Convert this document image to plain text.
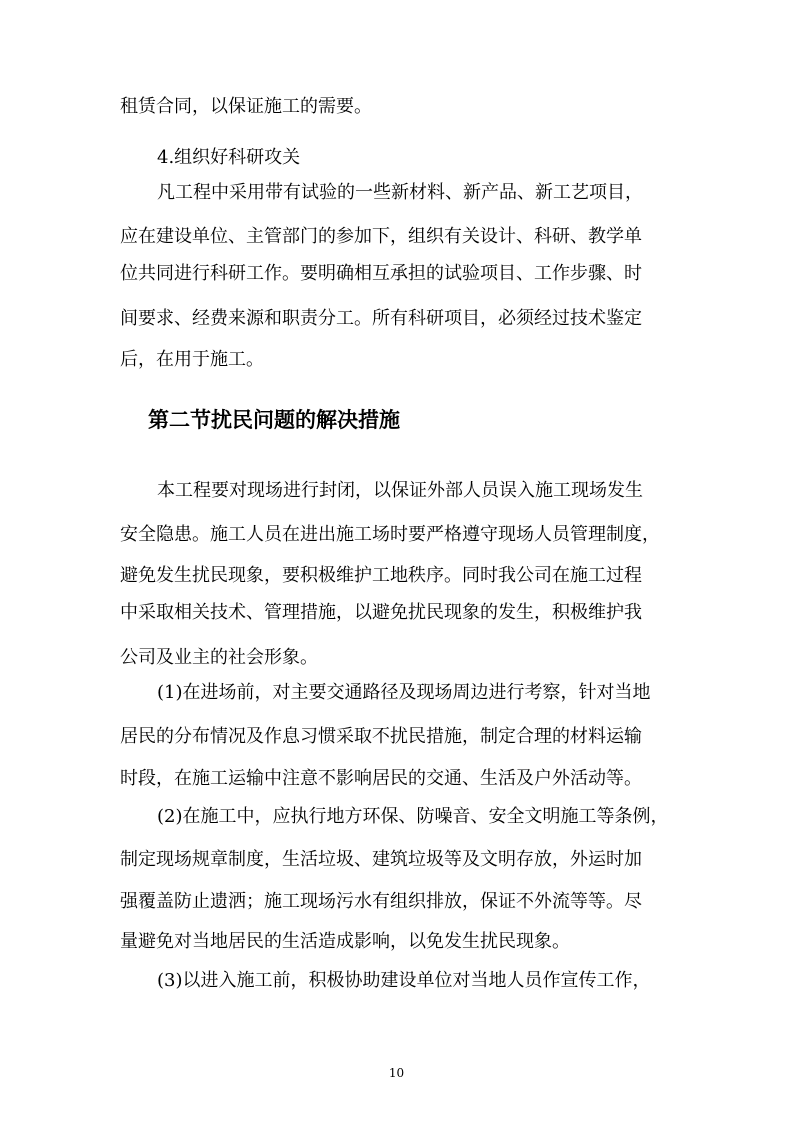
租赁合同，以保证施工的需要。
4.组织好科研攻关
凡工程中采用带有试验的一些新材料、新产品、新工艺项目，
应在建设单位、主管部门的参加下，组织有关设计、科研、教学单
位共同进行科研工作。要明确相互承担的试验项目、工作步骤、时
间要求、经费来源和职责分工。所有科研项目，必须经过技术鉴定
后，在用于施工。
第二节扰民问题的解决措施
本工程要对现场进行封闭，以保证外部人员误入施工现场发生
安全隐患。施工人员在进出施工场时要严格遵守现场人员管理制度，
避免发生扰民现象，要积极维护工地秩序。同时我公司在施工过程
中采取相关技术、管理措施，以避免扰民现象的发生，积极维护我
公司及业主的社会形象。
(1)在进场前，对主要交通路径及现场周边进行考察，针对当地
居民的分布情况及作息习惯采取不扰民措施，制定合理的材料运输
时段，在施工运输中注意不影响居民的交通、生活及户外活动等。
(2)在施工中，应执行地方环保、防噪音、安全文明施工等条例，
制定现场规章制度，生活垃圾、建筑垃圾等及文明存放，外运时加
强覆盖防止遗洒；施工现场污水有组织排放，保证不外流等等。尽
量避免对当地居民的生活造成影响，以免发生扰民现象。
(3)以进入施工前，积极协助建设单位对当地人员作宣传工作，
10
